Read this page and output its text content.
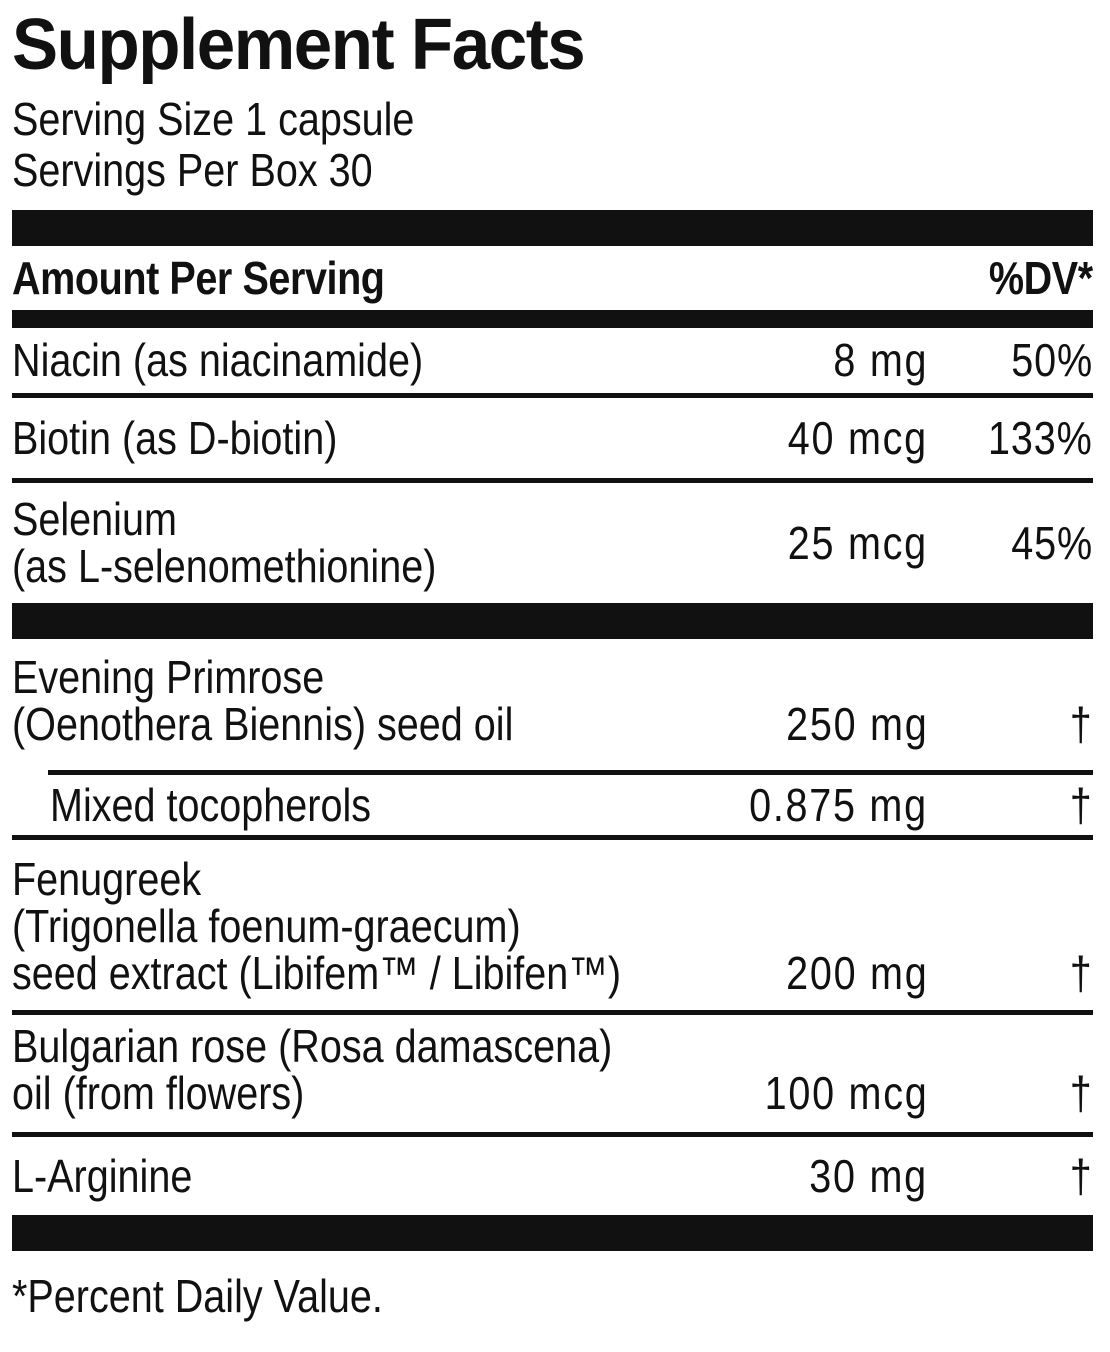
Supplement Facts
Serving Size 1 capsule
Servings Per Box 30
Amount Per Serving	%DV*
Niacin (as niacinamide)	8 mg	50%
Biotin (as D-biotin)	40 mcg	133%
Selenium
(as L-selenomethionine)	25 mcg	45%
Evening Primrose
(Oenothera Biennis) seed oil	250 mg	†
Mixed tocopherols	0.875 mg	†
Fenugreek
(Trigonella foenum-graecum)
seed extract (Libifem™ / Libifen™)	200 mg	†
Bulgarian rose (Rosa damascena)
oil (from flowers)	100 mcg	†
L-Arginine	30 mg	†
*Percent Daily Value.
